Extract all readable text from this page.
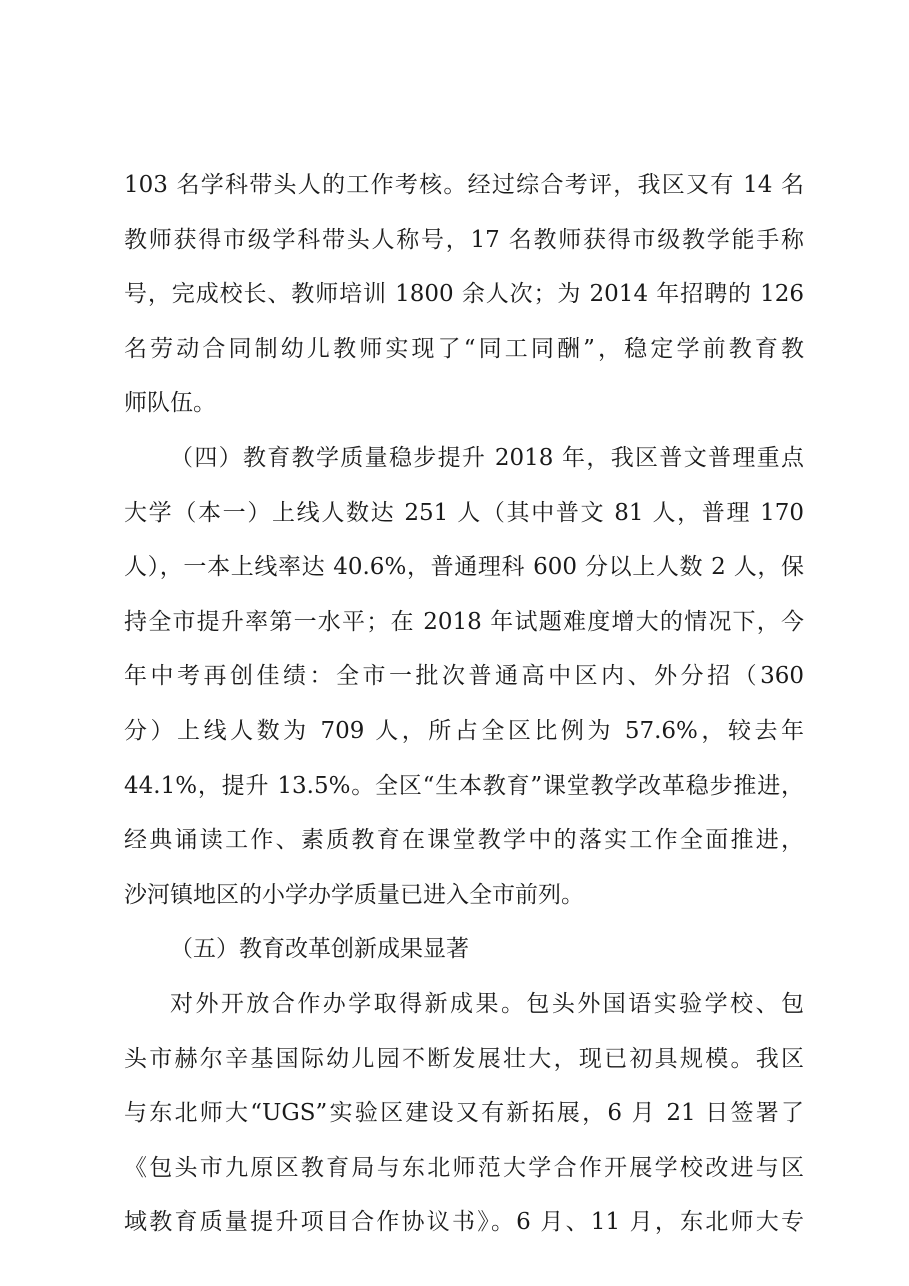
103 名学科带头人的工作考核。经过综合考评，我区又有 14 名
教师获得市级学科带头人称号，17 名教师获得市级教学能手称
号，完成校长、教师培训 1800 余人次；为 2014 年招聘的 126
名劳动合同制幼儿教师实现了“同工同酬”，稳定学前教育教
师队伍。
（四）教育教学质量稳步提升 2018 年，我区普文普理重点
大学（本一）上线人数达 251 人（其中普文 81 人，普理 170
人），一本上线率达 40.6%，普通理科 600 分以上人数 2 人，保
持全市提升率第一水平；在 2018 年试题难度增大的情况下，今
年中考再创佳绩：全市一批次普通高中区内、外分招（360
分）上线人数为 709 人，所占全区比例为 57.6%，较去年
44.1%，提升 13.5%。全区“生本教育”课堂教学改革稳步推进，
经典诵读工作、素质教育在课堂教学中的落实工作全面推进，
沙河镇地区的小学办学质量已进入全市前列。
（五）教育改革创新成果显著
对外开放合作办学取得新成果。包头外国语实验学校、包
头市赫尔辛基国际幼儿园不断发展壮大，现已初具规模。我区
与东北师大“UGS”实验区建设又有新拓展，6 月 21 日签署了
《包头市九原区教育局与东北师范大学合作开展学校改进与区
域教育质量提升项目合作协议书》。6 月、11 月，东北师大专
